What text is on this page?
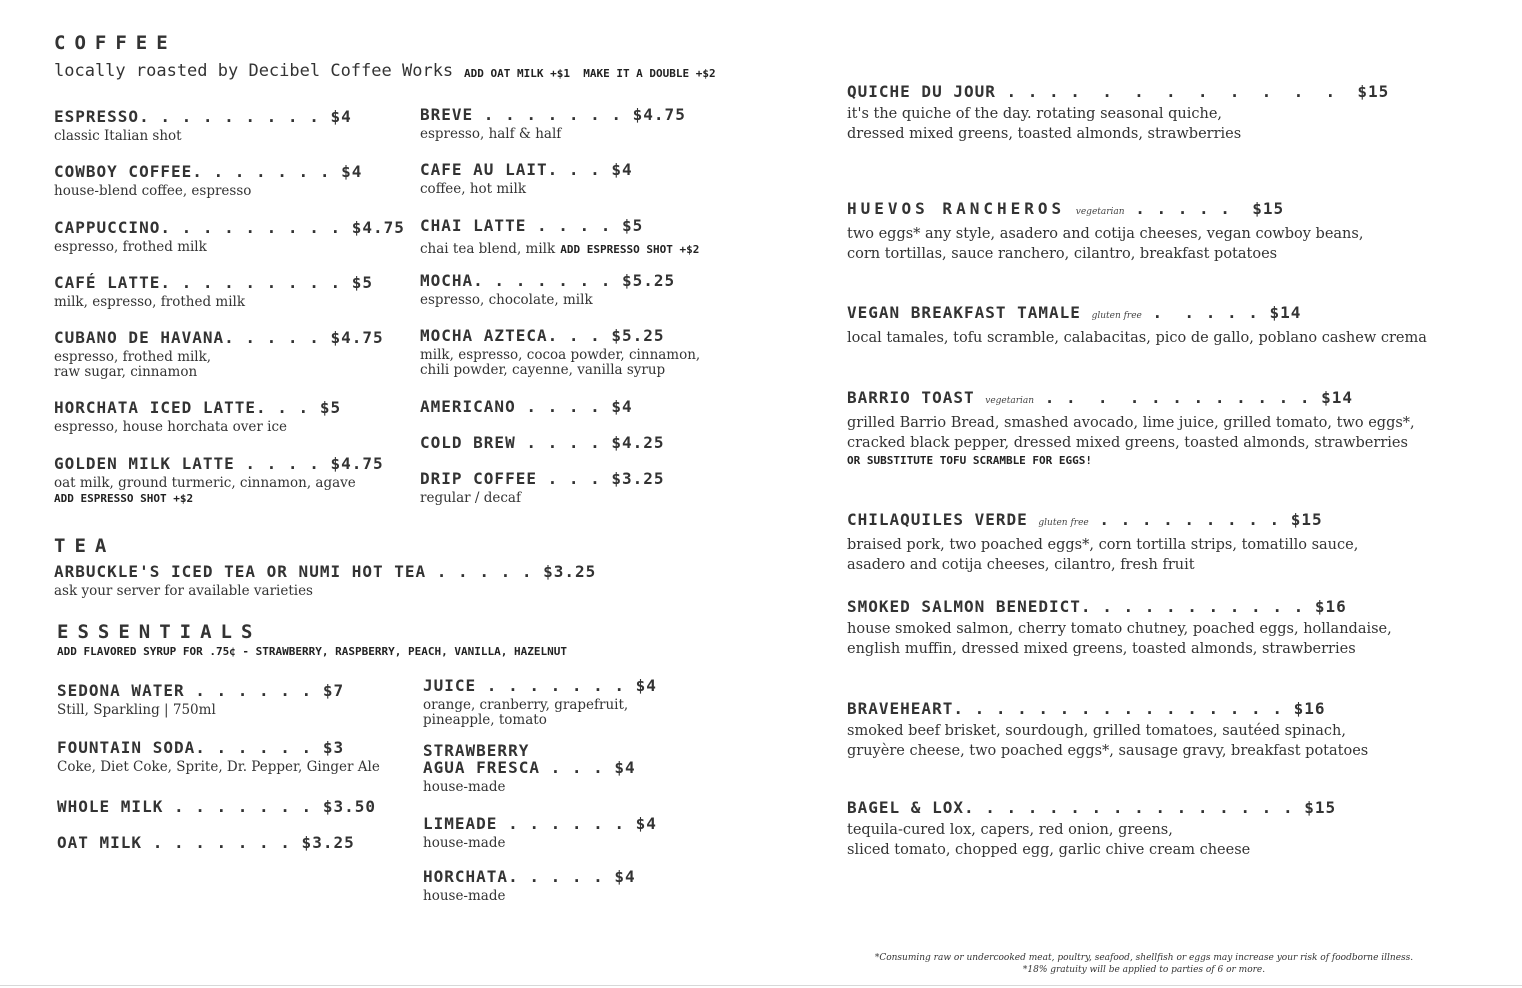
COFFEE
locally roasted by Decibel Coffee Works ADD OAT MILK +$1  MAKE IT A DOUBLE +$2
ESPRESSO. . . . . . . . . $4
classic Italian shot
COWBOY COFFEE. . . . . . . $4
house-blend coffee, espresso
CAPPUCCINO. . . . . . . . . $4.75
espresso, frothed milk
CAFÉ LATTE. . . . . . . . . $5
milk, espresso, frothed milk
CUBANO DE HAVANA. . . . . $4.75
espresso, frothed milk,
raw sugar, cinnamon
HORCHATA ICED LATTE. . . $5
espresso, house horchata over ice
GOLDEN MILK LATTE . . . . $4.75
oat milk, ground turmeric, cinnamon, agave
ADD ESPRESSO SHOT +$2
BREVE . . . . . . . $4.75
espresso, half & half
CAFE AU LAIT. . . $4
coffee, hot milk
CHAI LATTE . . . . $5
chai tea blend, milk ADD ESPRESSO SHOT +$2
MOCHA. . . . . . . $5.25
espresso, chocolate, milk
MOCHA AZTECA. . . $5.25
milk, espresso, cocoa powder, cinnamon,
chili powder, cayenne, vanilla syrup
AMERICANO . . . . $4
COLD BREW . . . . $4.25
DRIP COFFEE . . . $3.25
regular / decaf
TEA
ARBUCKLE'S ICED TEA OR NUMI HOT TEA . . . . . $3.25
ask your server for available varieties
ESSENTIALS
ADD FLAVORED SYRUP FOR .75¢ - STRAWBERRY, RASPBERRY, PEACH, VANILLA, HAZELNUT
SEDONA WATER . . . . . . $7
Still, Sparkling | 750ml
FOUNTAIN SODA. . . . . . $3
Coke, Diet Coke, Sprite, Dr. Pepper, Ginger Ale
WHOLE MILK . . . . . . . $3.50
OAT MILK . . . . . . . $3.25
JUICE . . . . . . . $4
orange, cranberry, grapefruit,
pineapple, tomato
STRAWBERRY
AGUA FRESCA . . . $4
house-made
LIMEADE . . . . . . $4
house-made
HORCHATA. . . . . $4
house-made
QUICHE DU JOUR . . . .  .  .  .  .  .  .  .  .  $15
it's the quiche of the day. rotating seasonal quiche,
dressed mixed greens, toasted almonds, strawberries
HUEVOS RANCHEROS vegetarian . . . . .  $15
two eggs* any style, asadero and cotija cheeses, vegan cowboy beans,
corn tortillas, sauce ranchero, cilantro, breakfast potatoes
VEGAN BREAKFAST TAMALE gluten free .  . . . . $14
local tamales, tofu scramble, calabacitas, pico de gallo, poblano cashew crema
BARRIO TOAST vegetarian . .  .  . . . . . . . . . $14
grilled Barrio Bread, smashed avocado, lime juice, grilled tomato, two eggs*,
cracked black pepper, dressed mixed greens, toasted almonds, strawberries
OR SUBSTITUTE TOFU SCRAMBLE FOR EGGS!
CHILAQUILES VERDE gluten free . . . . . . . . . $15
braised pork, two poached eggs*, corn tortilla strips, tomatillo sauce,
asadero and cotija cheeses, cilantro, fresh fruit
SMOKED SALMON BENEDICT. . . . . . . . . . . $16
house smoked salmon, cherry tomato chutney, poached eggs, hollandaise,
english muffin, dressed mixed greens, toasted almonds, strawberries
BRAVEHEART. . . . . . . . . . . . . . . . $16
smoked beef brisket, sourdough, grilled tomatoes, sautéed spinach,
gruyère cheese, two poached eggs*, sausage gravy, breakfast potatoes
BAGEL & LOX. . . . . . . . . . . . . . . . $15
tequila-cured lox, capers, red onion, greens,
sliced tomato, chopped egg, garlic chive cream cheese
*Consuming raw or undercooked meat, poultry, seafood, shellfish or eggs may increase your risk of foodborne illness.
*18% gratuity will be applied to parties of 6 or more.
